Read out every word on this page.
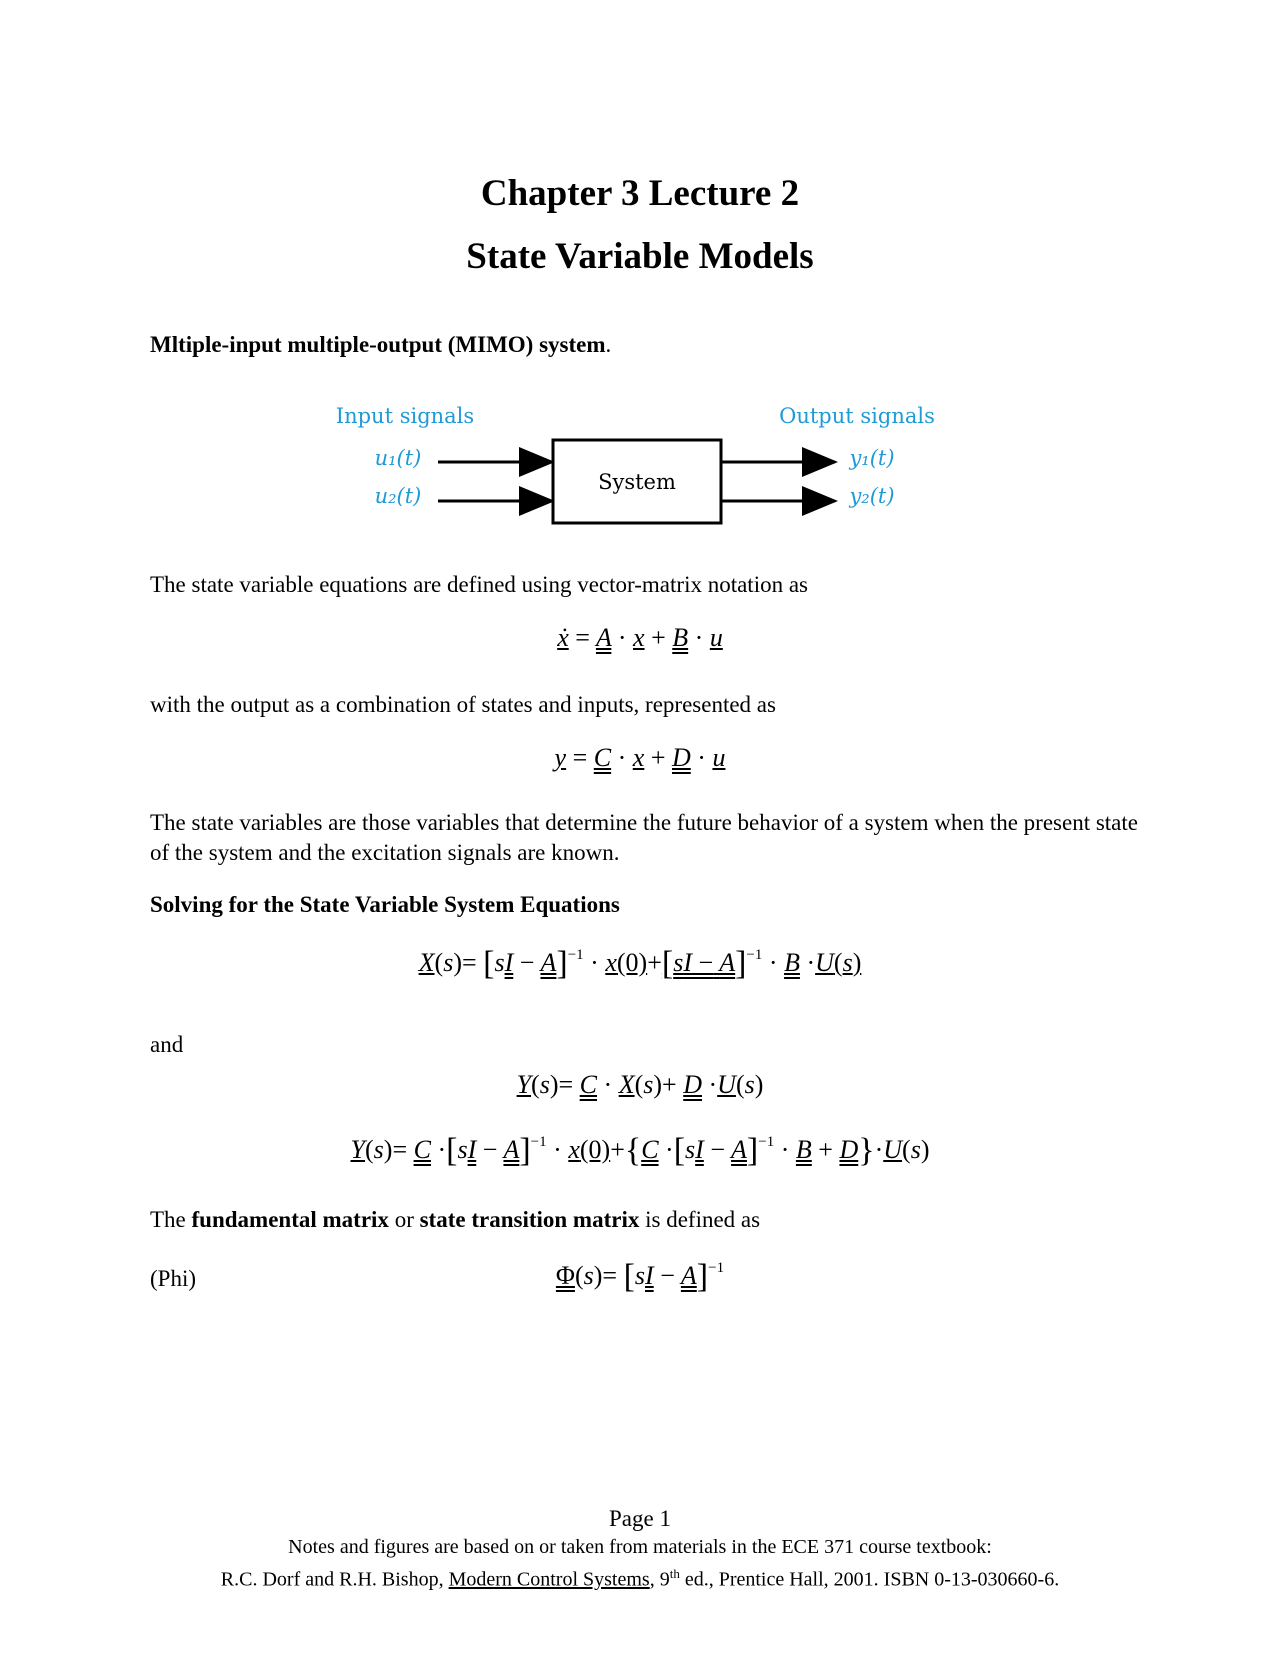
Chapter 3 Lecture 2
State Variable Models
Mltiple-input multiple-output (MIMO) system.
Input signals	Output signals
u₁(t)
u₂(t)
y₁(t)
y₂(t)
System
The state variable equations are defined using vector-matrix notation as
ẋ = A · x + B · u
with the output as a combination of states and inputs, represented as
y = C · x + D · u
The state variables are those variables that determine the future behavior of a system when the present state of the system and the excitation signals are known.
Solving for the State Variable System Equations
X(s)= [sI − A]$^{-1}$ · x(0)+[sI − A]$^{-1}$ · B ·U(s)
and
Y(s)= C · X(s)+ D ·U(s)
Y(s)= C ·[sI − A]$^{-1}$ · x(0)+{C ·[sI − A]$^{-1}$ · B + D}·U(s)
The fundamental matrix or state transition matrix is defined as
(Phi)	Φ(s)= [sI − A]$^{-1}$
Page 1
Notes and figures are based on or taken from materials in the ECE 371 course textbook:
R.C. Dorf and R.H. Bishop, Modern Control Systems, 9th ed., Prentice Hall, 2001. ISBN 0-13-030660-6.
